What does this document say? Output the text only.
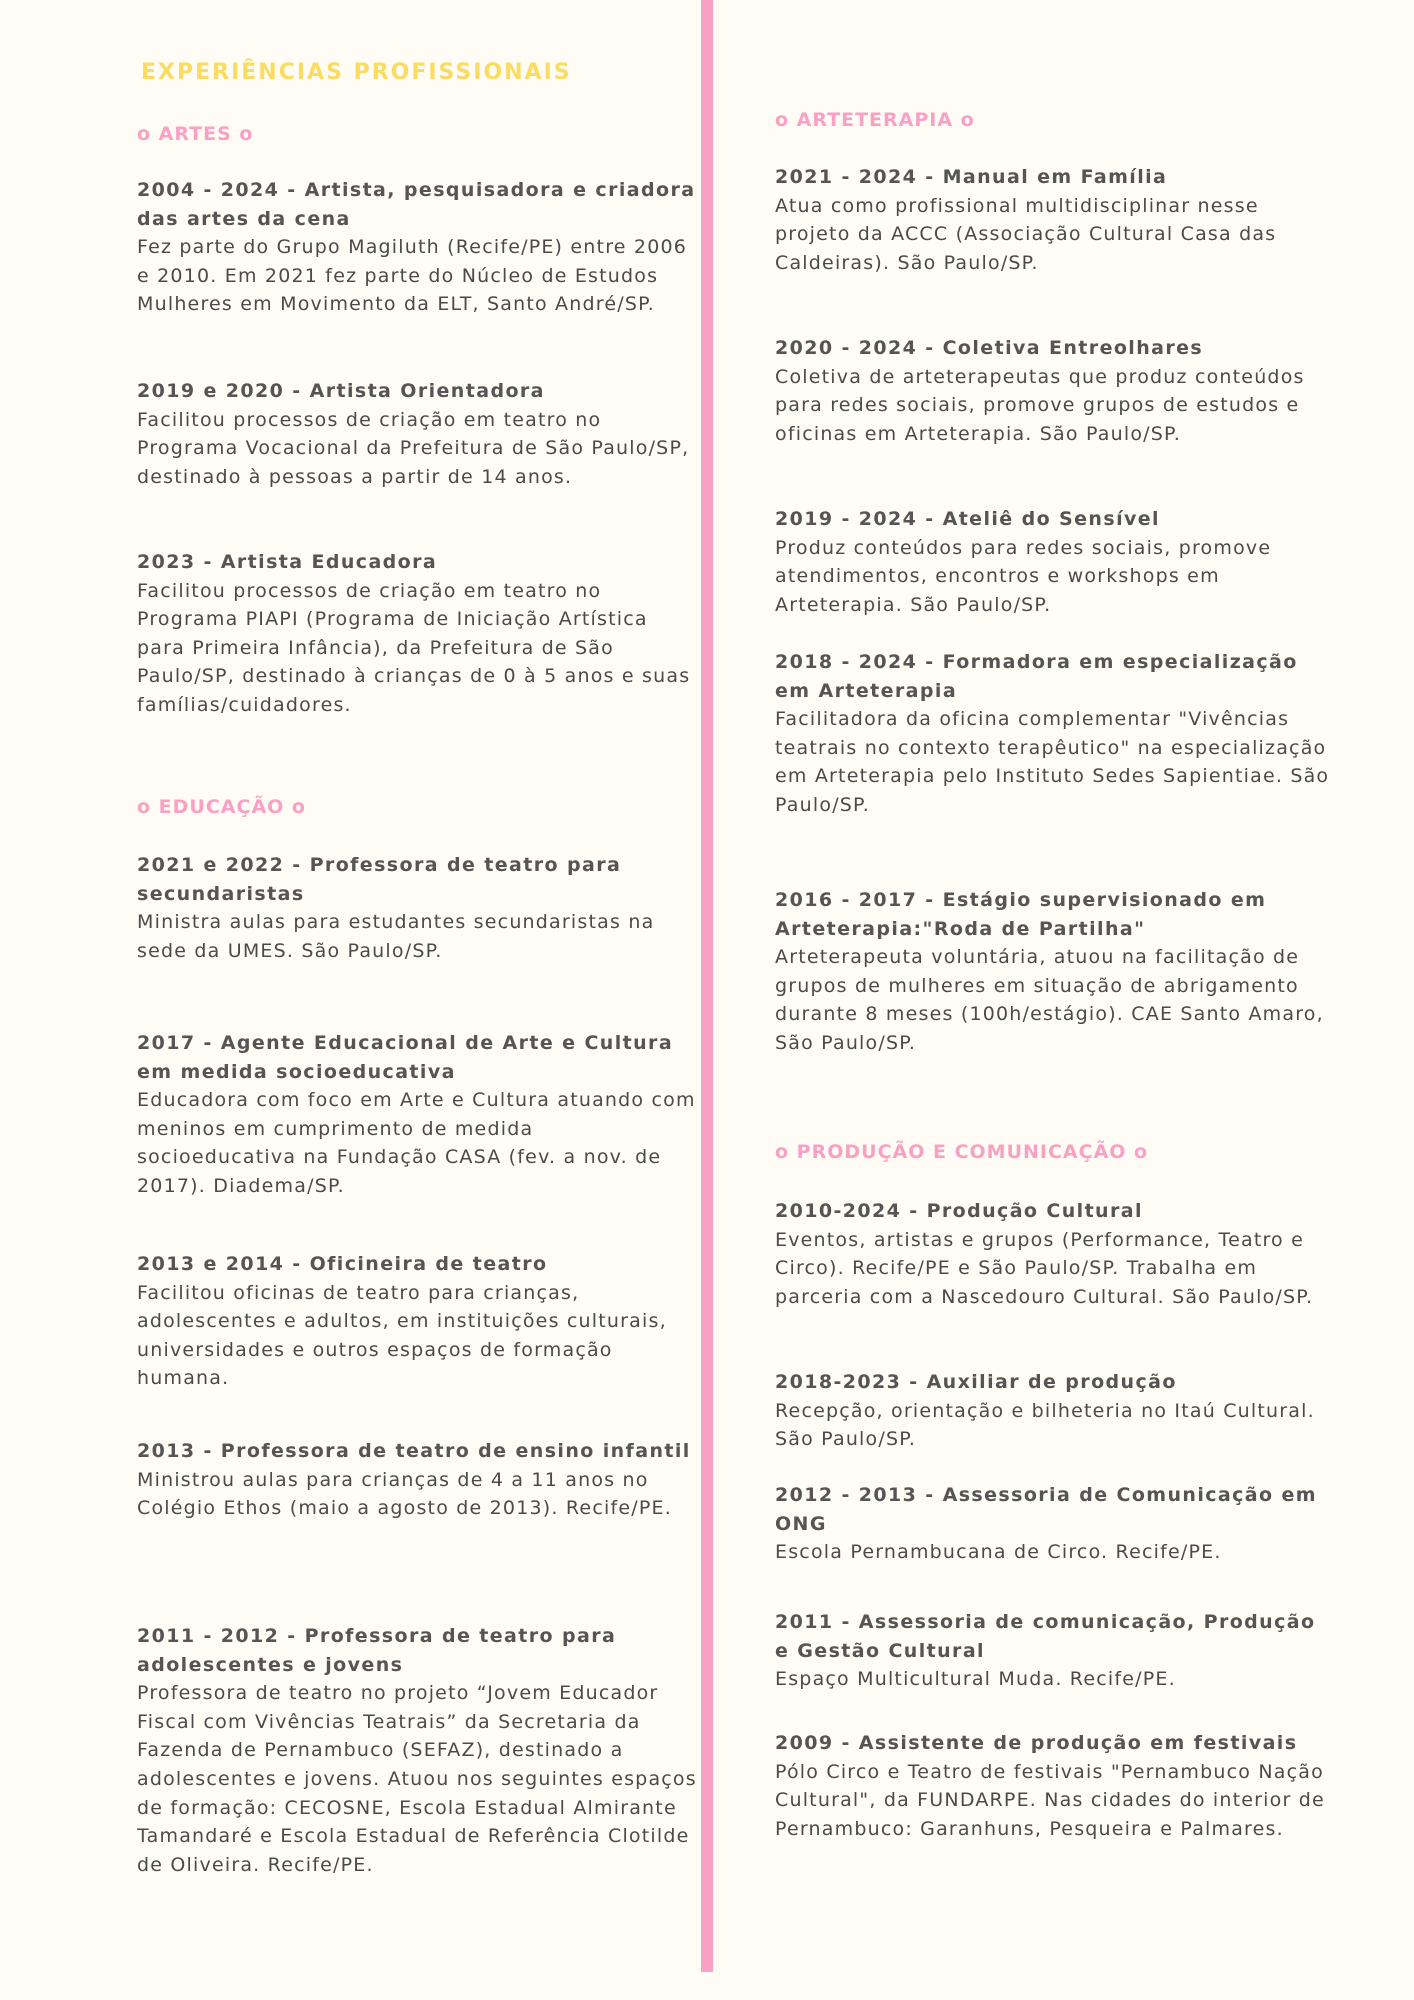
EXPERIÊNCIAS PROFISSIONAIS
o ARTES o
2004 - 2024 - Artista, pesquisadora e criadora das artes da cena
Fez parte do Grupo Magiluth (Recife/PE) entre 2006 e 2010. Em 2021 fez parte do Núcleo de Estudos Mulheres em Movimento da ELT, Santo André/SP.
2019 e 2020 - Artista Orientadora
Facilitou processos de criação em teatro no Programa Vocacional da Prefeitura de São Paulo/SP, destinado à pessoas a partir de 14 anos.
2023 - Artista Educadora
Facilitou processos de criação em teatro no Programa PIAPI (Programa de Iniciação Artística para Primeira Infância), da Prefeitura de São Paulo/SP, destinado à crianças de 0 à 5 anos e suas famílias/cuidadores.
o EDUCAÇÃO o
2021 e 2022 - Professora de teatro para secundaristas
Ministra aulas para estudantes secundaristas na sede da UMES. São Paulo/SP.
2017 - Agente Educacional de Arte e Cultura em medida socioeducativa
Educadora com foco em Arte e Cultura atuando com meninos em cumprimento de medida socioeducativa na Fundação CASA (fev. a nov. de 2017). Diadema/SP.
2013 e 2014 - Oficineira de teatro
Facilitou oficinas de teatro para crianças, adolescentes e adultos, em instituições culturais, universidades e outros espaços de formação humana.
2013 - Professora de teatro de ensino infantil
Ministrou aulas para crianças de 4 a 11 anos no Colégio Ethos (maio a agosto de 2013). Recife/PE.
2011 - 2012 - Professora de teatro para adolescentes e jovens
Professora de teatro no projeto “Jovem Educador Fiscal com Vivências Teatrais” da Secretaria da Fazenda de Pernambuco (SEFAZ), destinado a adolescentes e jovens. Atuou nos seguintes espaços de formação: CECOSNE, Escola Estadual Almirante Tamandaré e Escola Estadual de Referência Clotilde de Oliveira. Recife/PE.
o ARTETERAPIA o
2021 - 2024 - Manual em Família
Atua como profissional multidisciplinar nesse projeto da ACCC (Associação Cultural Casa das Caldeiras). São Paulo/SP.
2020 - 2024 - Coletiva Entreolhares
Coletiva de arteterapeutas que produz conteúdos para redes sociais, promove grupos de estudos e oficinas em Arteterapia. São Paulo/SP.
2019 - 2024 - Ateliê do Sensível
Produz conteúdos para redes sociais, promove atendimentos, encontros e workshops em Arteterapia. São Paulo/SP.
2018 - 2024 - Formadora em especialização em Arteterapia
Facilitadora da oficina complementar "Vivências teatrais no contexto terapêutico" na especialização em Arteterapia pelo Instituto Sedes Sapientiae. São Paulo/SP.
2016 - 2017 - Estágio supervisionado em Arteterapia:"Roda de Partilha"
Arteterapeuta voluntária, atuou na facilitação de grupos de mulheres em situação de abrigamento durante 8 meses (100h/estágio). CAE Santo Amaro, São Paulo/SP.
o PRODUÇÃO E COMUNICAÇÃO o
2010-2024 - Produção Cultural
Eventos, artistas e grupos (Performance, Teatro e Circo). Recife/PE e São Paulo/SP. Trabalha em parceria com a Nascedouro Cultural. São Paulo/SP.
2018-2023 - Auxiliar de produção
Recepção, orientação e bilheteria no Itaú Cultural. São Paulo/SP.
2012 - 2013 - Assessoria de Comunicação em ONG
Escola Pernambucana de Circo. Recife/PE.
2011 - Assessoria de comunicação, Produção e Gestão Cultural
Espaço Multicultural Muda. Recife/PE.
2009 - Assistente de produção em festivais
Pólo Circo e Teatro de festivais "Pernambuco Nação Cultural", da FUNDARPE. Nas cidades do interior de Pernambuco: Garanhuns, Pesqueira e Palmares.
